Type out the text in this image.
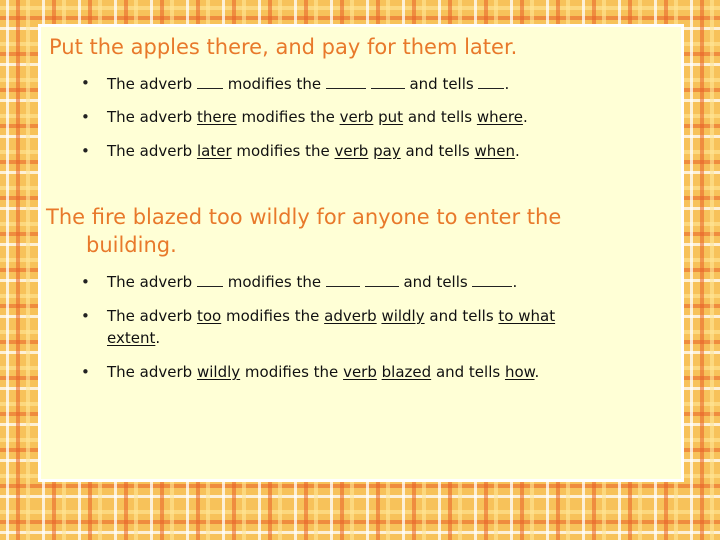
Put the apples there, and pay for them later.
• The adverb modifies the	and tells .
• The adverb there modifies the verb put and tells where.
• The adverb later modifies the verb pay and tells when.
The fire blazed too wildly for anyone to enter the
building.
• The adverb modifies the	and tells	.
• The adverb too modifies the adverb wildly and tells to what
extent.
• The adverb wildly modifies the verb blazed and tells how.
